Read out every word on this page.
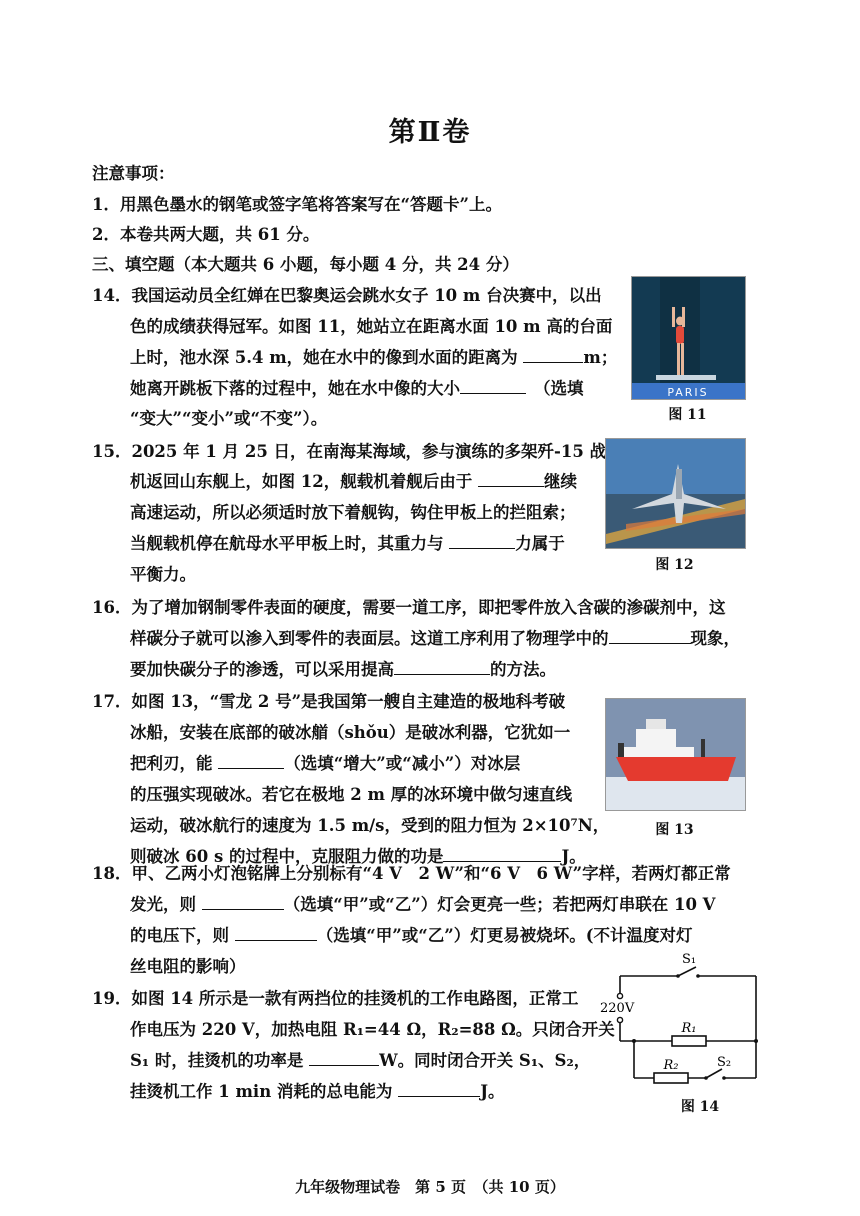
第Ⅱ卷
注意事项：
1．用黑色墨水的钢笔或签字笔将答案写在“答题卡”上。
2．本卷共两大题，共 61 分。
三、填空题（本大题共 6 小题，每小题 4 分，共 24 分）
14．我国运动员全红婵在巴黎奥运会跳水女子 10 m 台决赛中，以出
色的成绩获得冠军。如图 11，她站立在距离水面 10 m 高的台面
上时，池水深 5.4 m，她在水中的像到水面的距离为	m；
她离开跳板下落的过程中，她在水中像的大小	（选填
“变大”“变小”或“不变”）。
PARIS
图 11
15．2025 年 1 月 25 日，在南海某海域，参与演练的多架歼-15 战
机返回山东舰上，如图 12，舰载机着舰后由于	继续
高速运动，所以必须适时放下着舰钩，钩住甲板上的拦阻索；
当舰载机停在航母水平甲板上时，其重力与	力属于
平衡力。	图 12
16．为了增加钢制零件表面的硬度，需要一道工序，即把零件放入含碳的渗碳剂中，这
样碳分子就可以渗入到零件的表面层。这道工序利用了物理学中的	现象，
要加快碳分子的渗透，可以采用提高	的方法。
17．如图 13，“雪龙 2 号”是我国第一艘自主建造的极地科考破
冰船，安装在底部的破冰艏（shǒu）是破冰利器，它犹如一
把利刃，能	（选填“增大”或“减小”）对冰层
的压强实现破冰。若它在极地 2 m 厚的冰环境中做匀速直线
运动，破冰航行的速度为 1.5 m/s，受到的阻力恒为 2×10⁷N，
则破冰 60 s 的过程中，克服阻力做的功是	J。
图 13
18．甲、乙两小灯泡铭牌上分别标有“4 V　2 W”和“6 V　6 W”字样，若两灯都正常
发光，则	（选填“甲”或“乙”）灯会更亮一些；若把两灯串联在 10 V
的电压下，则	（选填“甲”或“乙”）灯更易被烧坏。(不计温度对灯
丝电阻的影响）
19．如图 14 所示是一款有两挡位的挂烫机的工作电路图，正常工
作电压为 220 V，加热电阻 R₁=44 Ω，R₂=88 Ω。只闭合开关
S₁ 时，挂烫机的功率是	W。同时闭合开关 S₁、S₂，
挂烫机工作 1 min 消耗的总电能为	J。
S₁
220V
R₁
R₂	S₂
图 14
九年级物理试卷　第 5 页　（共 10 页）
